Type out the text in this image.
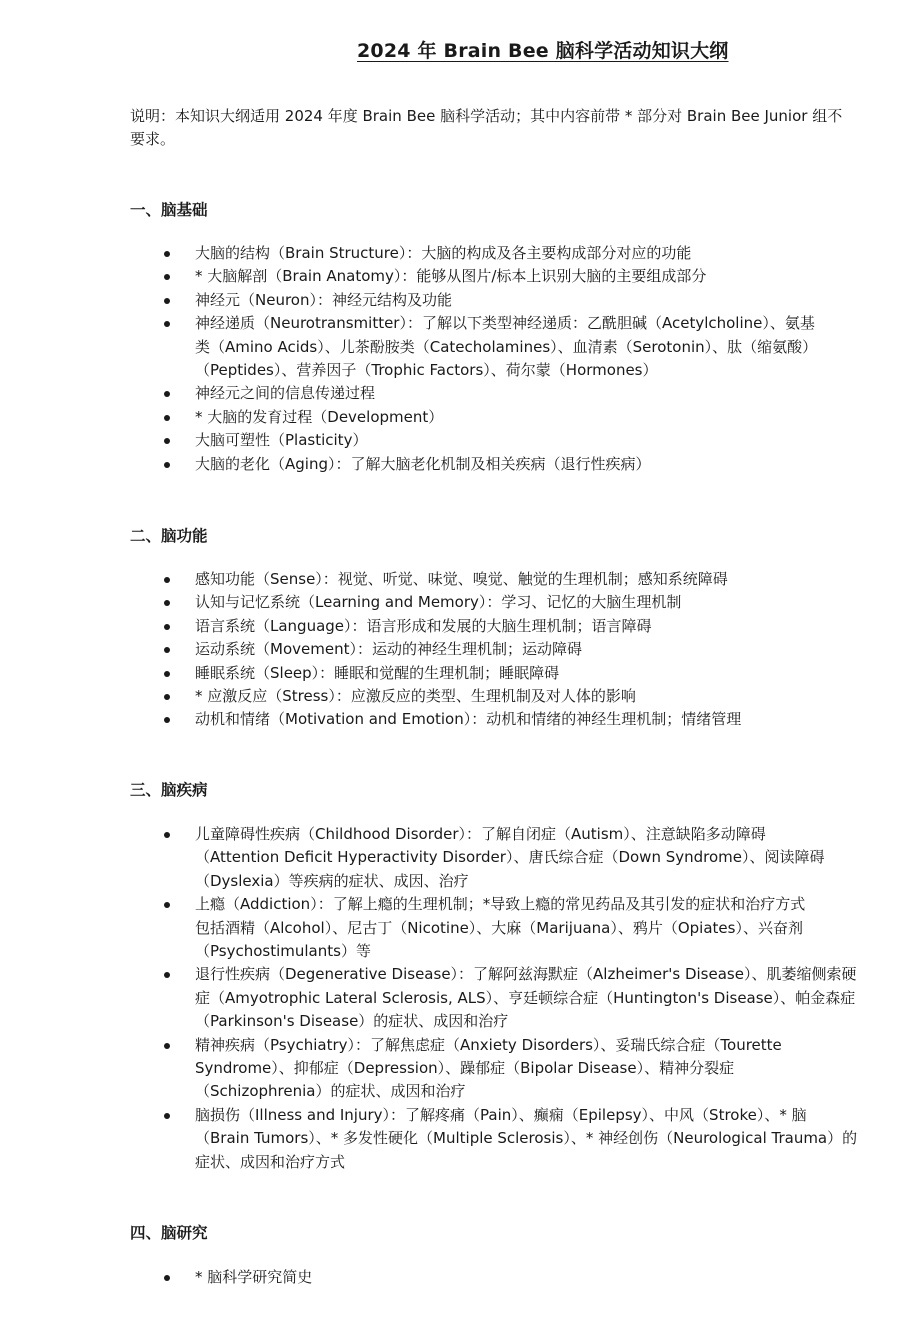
2024 年 Brain Bee 脑科学活动知识大纲

说明：本知识大纲适用 2024 年度 Brain Bee 脑科学活动；其中内容前带 * 部分对 Brain Bee Junior 组不
要求。

一、脑基础
大脑的结构（Brain Structure）：大脑的构成及各主要构成部分对应的功能
* 大脑解剖（Brain Anatomy）：能够从图片/标本上识别大脑的主要组成部分
神经元（Neuron）：神经元结构及功能
神经递质（Neurotransmitter）：了解以下类型神经递质：乙酰胆碱（Acetylcholine）、氨基
类（Amino Acids）、儿茶酚胺类（Catecholamines）、血清素（Serotonin）、肽（缩氨酸）
（Peptides）、营养因子（Trophic Factors）、荷尔蒙（Hormones）
神经元之间的信息传递过程
* 大脑的发育过程（Development）
大脑可塑性（Plasticity）
大脑的老化（Aging）：了解大脑老化机制及相关疾病（退行性疾病）
二、脑功能
感知功能（Sense）：视觉、听觉、味觉、嗅觉、触觉的生理机制；感知系统障碍
认知与记忆系统（Learning and Memory）：学习、记忆的大脑生理机制
语言系统（Language）：语言形成和发展的大脑生理机制；语言障碍
运动系统（Movement）：运动的神经生理机制；运动障碍
睡眠系统（Sleep）：睡眠和觉醒的生理机制；睡眠障碍
* 应激反应（Stress）：应激反应的类型、生理机制及对人体的影响
动机和情绪（Motivation and Emotion）：动机和情绪的神经生理机制；情绪管理
三、脑疾病
儿童障碍性疾病（Childhood Disorder）：了解自闭症（Autism）、注意缺陷多动障碍
（Attention Deficit Hyperactivity Disorder）、唐氏综合症（Down Syndrome）、阅读障碍
（Dyslexia）等疾病的症状、成因、治疗
上瘾（Addiction）：了解上瘾的生理机制；*导致上瘾的常见药品及其引发的症状和治疗方式
包括酒精（Alcohol）、尼古丁（Nicotine）、大麻（Marijuana）、鸦片（Opiates）、兴奋剂
（Psychostimulants）等
退行性疾病（Degenerative Disease）：了解阿兹海默症（Alzheimer's Disease）、肌萎缩侧索硬
症（Amyotrophic Lateral Sclerosis, ALS）、亨廷顿综合症（Huntington's Disease）、帕金森症
（Parkinson's Disease）的症状、成因和治疗
精神疾病（Psychiatry）：了解焦虑症（Anxiety Disorders）、妥瑞氏综合症（Tourette
Syndrome）、抑郁症（Depression）、躁郁症（Bipolar Disease）、精神分裂症
（Schizophrenia）的症状、成因和治疗
脑损伤（Illness and Injury）：了解疼痛（Pain）、癫痫（Epilepsy）、中风（Stroke）、* 脑
（Brain Tumors）、* 多发性硬化（Multiple Sclerosis）、* 神经创伤（Neurological Trauma）的
症状、成因和治疗方式
四、脑研究
* 脑科学研究简史
